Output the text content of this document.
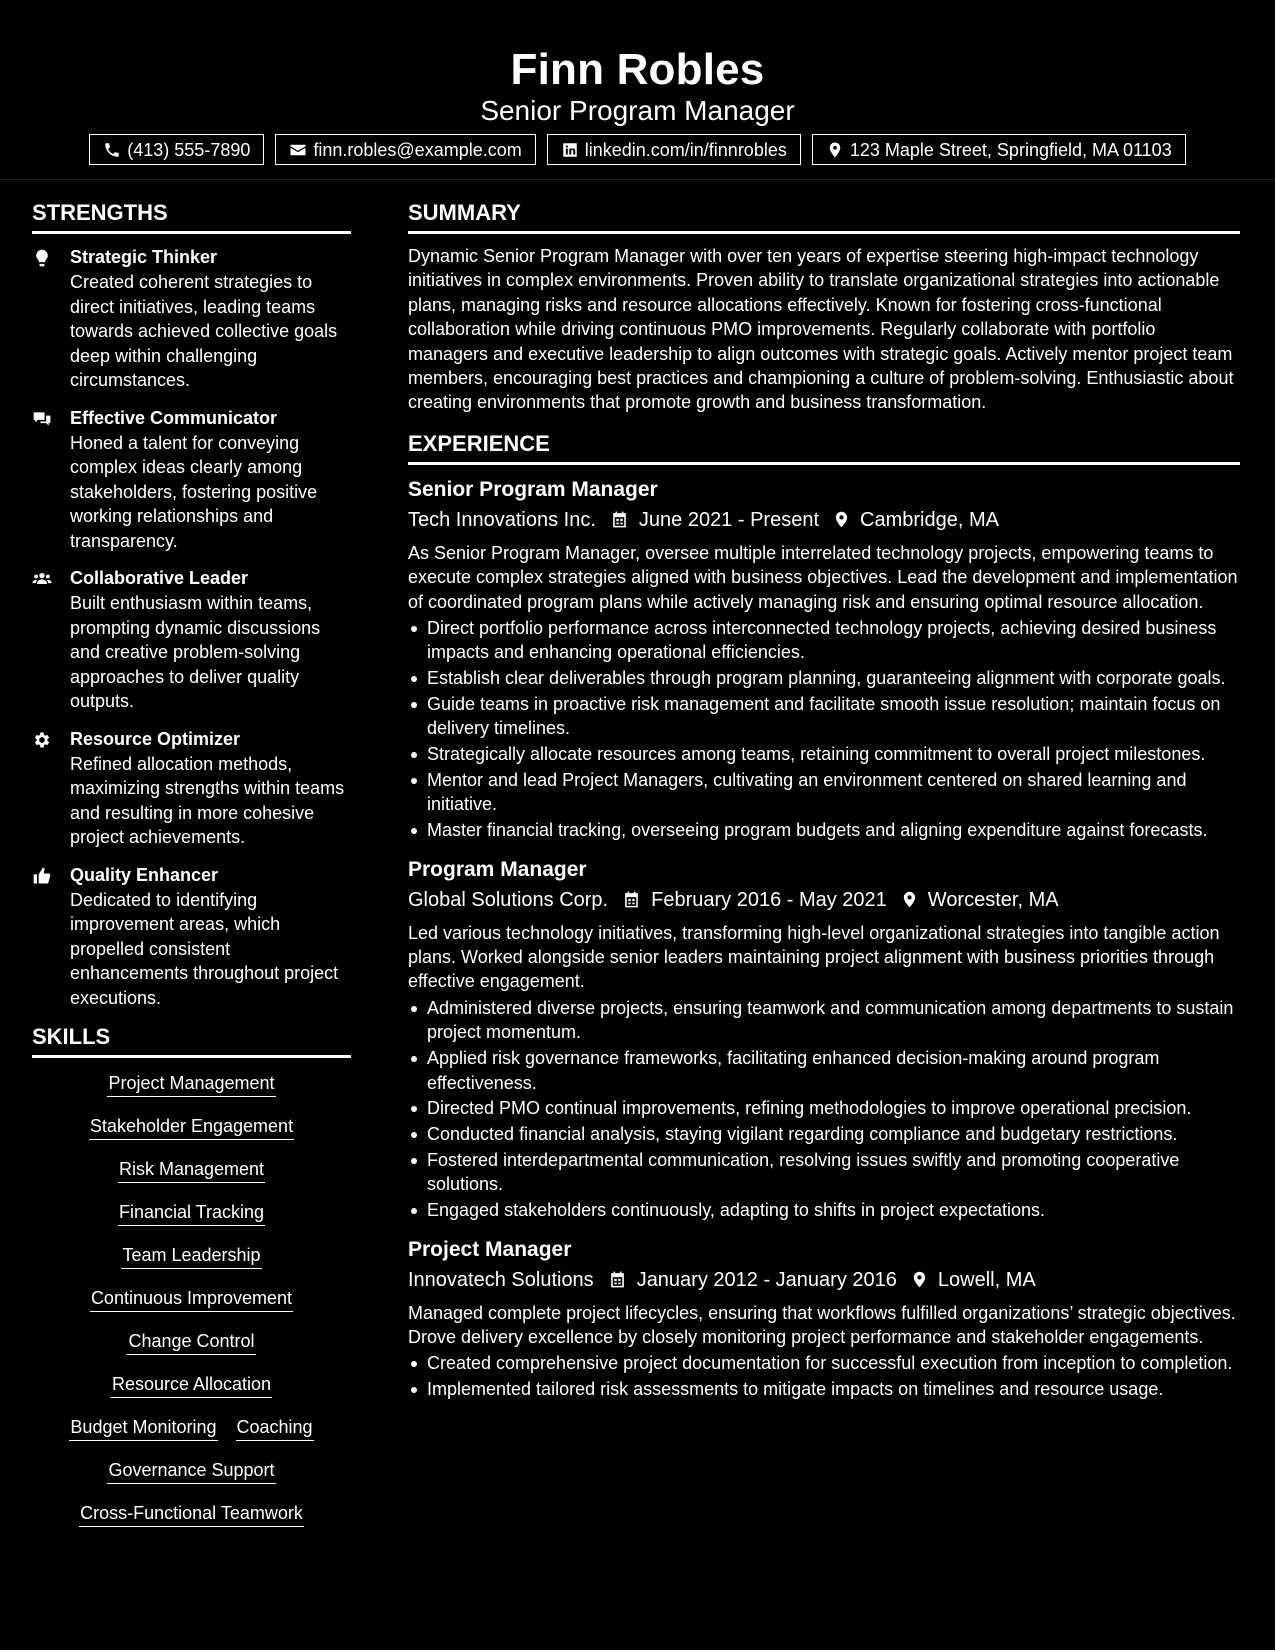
Finn Robles
Senior Program Manager
(413) 555-7890	finn.robles@example.com	linkedin.com/in/finnrobles	123 Maple Street, Springfield, MA 01103
STRENGTHS
Strategic Thinker
Created coherent strategies to direct initiatives, leading teams towards achieved collective goals deep within challenging circumstances.
Effective Communicator
Honed a talent for conveying complex ideas clearly among stakeholders, fostering positive working relationships and transparency.
Collaborative Leader
Built enthusiasm within teams, prompting dynamic discussions and creative problem-solving approaches to deliver quality outputs.
Resource Optimizer
Refined allocation methods, maximizing strengths within teams and resulting in more cohesive project achievements.
Quality Enhancer
Dedicated to identifying improvement areas, which propelled consistent enhancements throughout project executions.
SKILLS
Project Management
Stakeholder Engagement
Risk Management
Financial Tracking
Team Leadership
Continuous Improvement
Change Control
Resource Allocation
Budget Monitoring Coaching
Governance Support
Cross-Functional Teamwork
SUMMARY
Dynamic Senior Program Manager with over ten years of expertise steering high-impact technology initiatives in complex environments. Proven ability to translate organizational strategies into actionable plans, managing risks and resource allocations effectively. Known for fostering cross-functional collaboration while driving continuous PMO improvements. Regularly collaborate with portfolio managers and executive leadership to align outcomes with strategic goals. Actively mentor project team members, encouraging best practices and championing a culture of problem-solving. Enthusiastic about creating environments that promote growth and business transformation.
EXPERIENCE
Senior Program Manager
Tech Innovations Inc. June 2021 - Present Cambridge, MA
As Senior Program Manager, oversee multiple interrelated technology projects, empowering teams to execute complex strategies aligned with business objectives. Lead the development and implementation of coordinated program plans while actively managing risk and ensuring optimal resource allocation.
Direct portfolio performance across interconnected technology projects, achieving desired business impacts and enhancing operational efficiencies.
Establish clear deliverables through program planning, guaranteeing alignment with corporate goals.
Guide teams in proactive risk management and facilitate smooth issue resolution; maintain focus on delivery timelines.
Strategically allocate resources among teams, retaining commitment to overall project milestones.
Mentor and lead Project Managers, cultivating an environment centered on shared learning and initiative.
Master financial tracking, overseeing program budgets and aligning expenditure against forecasts.
Program Manager
Global Solutions Corp. February 2016 - May 2021 Worcester, MA
Led various technology initiatives, transforming high-level organizational strategies into tangible action plans. Worked alongside senior leaders maintaining project alignment with business priorities through effective engagement.
Administered diverse projects, ensuring teamwork and communication among departments to sustain project momentum.
Applied risk governance frameworks, facilitating enhanced decision-making around program effectiveness.
Directed PMO continual improvements, refining methodologies to improve operational precision.
Conducted financial analysis, staying vigilant regarding compliance and budgetary restrictions.
Fostered interdepartmental communication, resolving issues swiftly and promoting cooperative solutions.
Engaged stakeholders continuously, adapting to shifts in project expectations.
Project Manager
Innovatech Solutions January 2012 - January 2016 Lowell, MA
Managed complete project lifecycles, ensuring that workflows fulfilled organizations’ strategic objectives. Drove delivery excellence by closely monitoring project performance and stakeholder engagements.
Created comprehensive project documentation for successful execution from inception to completion.
Implemented tailored risk assessments to mitigate impacts on timelines and resource usage.
